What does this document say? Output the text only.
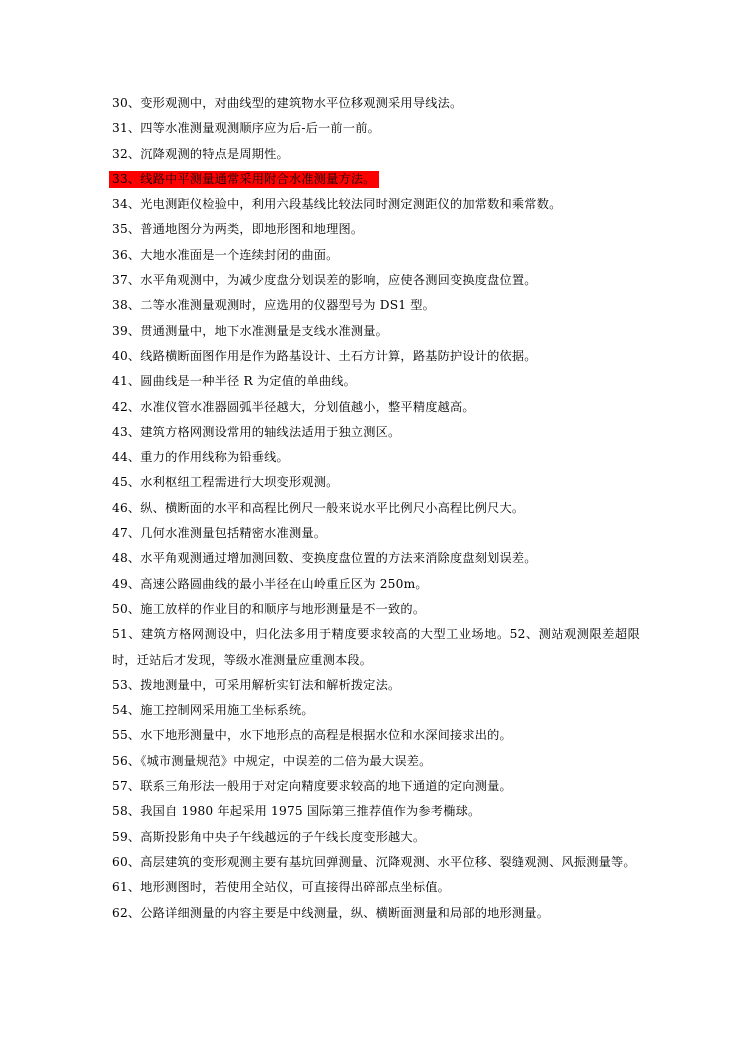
30、变形观测中，对曲线型的建筑物水平位移观测采用导线法。
31、四等水准测量观测顺序应为后-后一前一前。
32、沉降观测的特点是周期性。
33、线路中平测量通常采用附合水准测量方法。
34、光电测距仪检验中，利用六段基线比较法同时测定测距仪的加常数和乘常数。
35、普通地图分为两类，即地形图和地理图。
36、大地水准面是一个连续封闭的曲面。
37、水平角观测中，为减少度盘分划误差的影响，应使各测回变换度盘位置。
38、二等水准测量观测时，应选用的仪器型号为 DS1 型。
39、贯通测量中，地下水准测量是支线水准测量。
40、线路横断面图作用是作为路基设计、土石方计算，路基防护设计的依据。
41、圆曲线是一种半径 R 为定值的单曲线。
42、水准仪管水准器圆弧半径越大，分划值越小，整平精度越高。
43、建筑方格网测设常用的轴线法适用于独立测区。
44、重力的作用线称为铅垂线。
45、水利枢纽工程需进行大坝变形观测。
46、纵、横断面的水平和高程比例尺一般来说水平比例尺小高程比例尺大。
47、几何水准测量包括精密水准测量。
48、水平角观测通过增加测回数、变换度盘位置的方法来消除度盘刻划误差。
49、高速公路圆曲线的最小半径在山岭重丘区为 250m。
50、施工放样的作业目的和顺序与地形测量是不一致的。
51、建筑方格网测设中，归化法多用于精度要求较高的大型工业场地。52、测站观测限差超限时，迁站后才发现，等级水准测量应重测本段。
53、拨地测量中，可采用解析实钉法和解析拨定法。
54、施工控制网采用施工坐标系统。
55、水下地形测量中，水下地形点的高程是根据水位和水深间接求出的。
56、《城市测量规范》中规定，中误差的二倍为最大误差。
57、联系三角形法一般用于对定向精度要求较高的地下通道的定向测量。
58、我国自 1980 年起采用 1975 国际第三推荐值作为参考椭球。
59、高斯投影角中央子午线越远的子午线长度变形越大。
60、高层建筑的变形观测主要有基坑回弹测量、沉降观测、水平位移、裂缝观测、风振测量等。
61、地形测图时，若使用全站仪，可直接得出碎部点坐标值。
62、公路详细测量的内容主要是中线测量，纵、横断面测量和局部的地形测量。
